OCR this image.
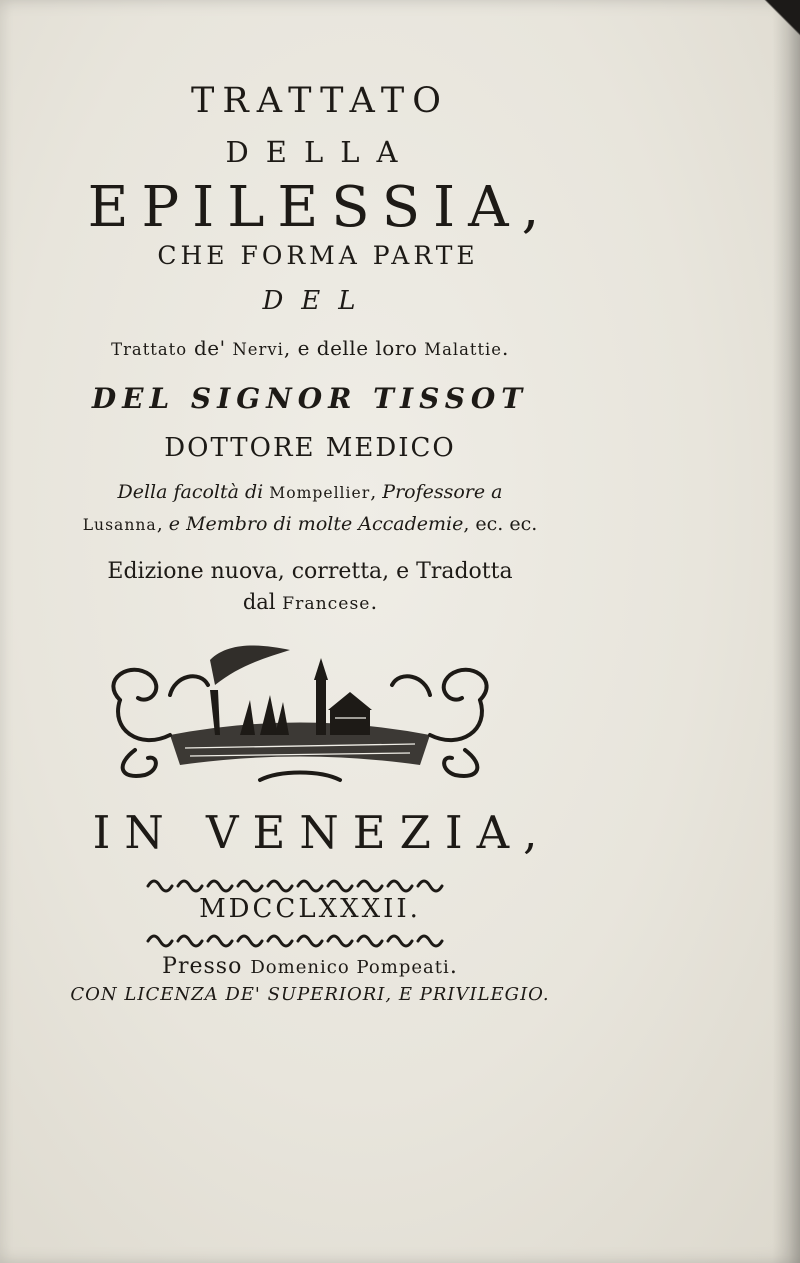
TRATTATO
DELLA
EPILESSIA,
CHE FORMA PARTE
DEL
Trattato de' Nervi, e delle loro Malattie.
DEL SIGNOR TISSOT
DOTTORE MEDICO
Della facoltà di Mompellier, Professore a
Lusanna, e Membro di molte Accademie, ec. ec.
Edizione nuova, corretta, e Tradotta
dal Francese.
IN VENEZIA,
MDCCLXXXII.
Presso Domenico Pompeati.
CON LICENZA DE' SUPERIORI, E PRIVILEGIO.
